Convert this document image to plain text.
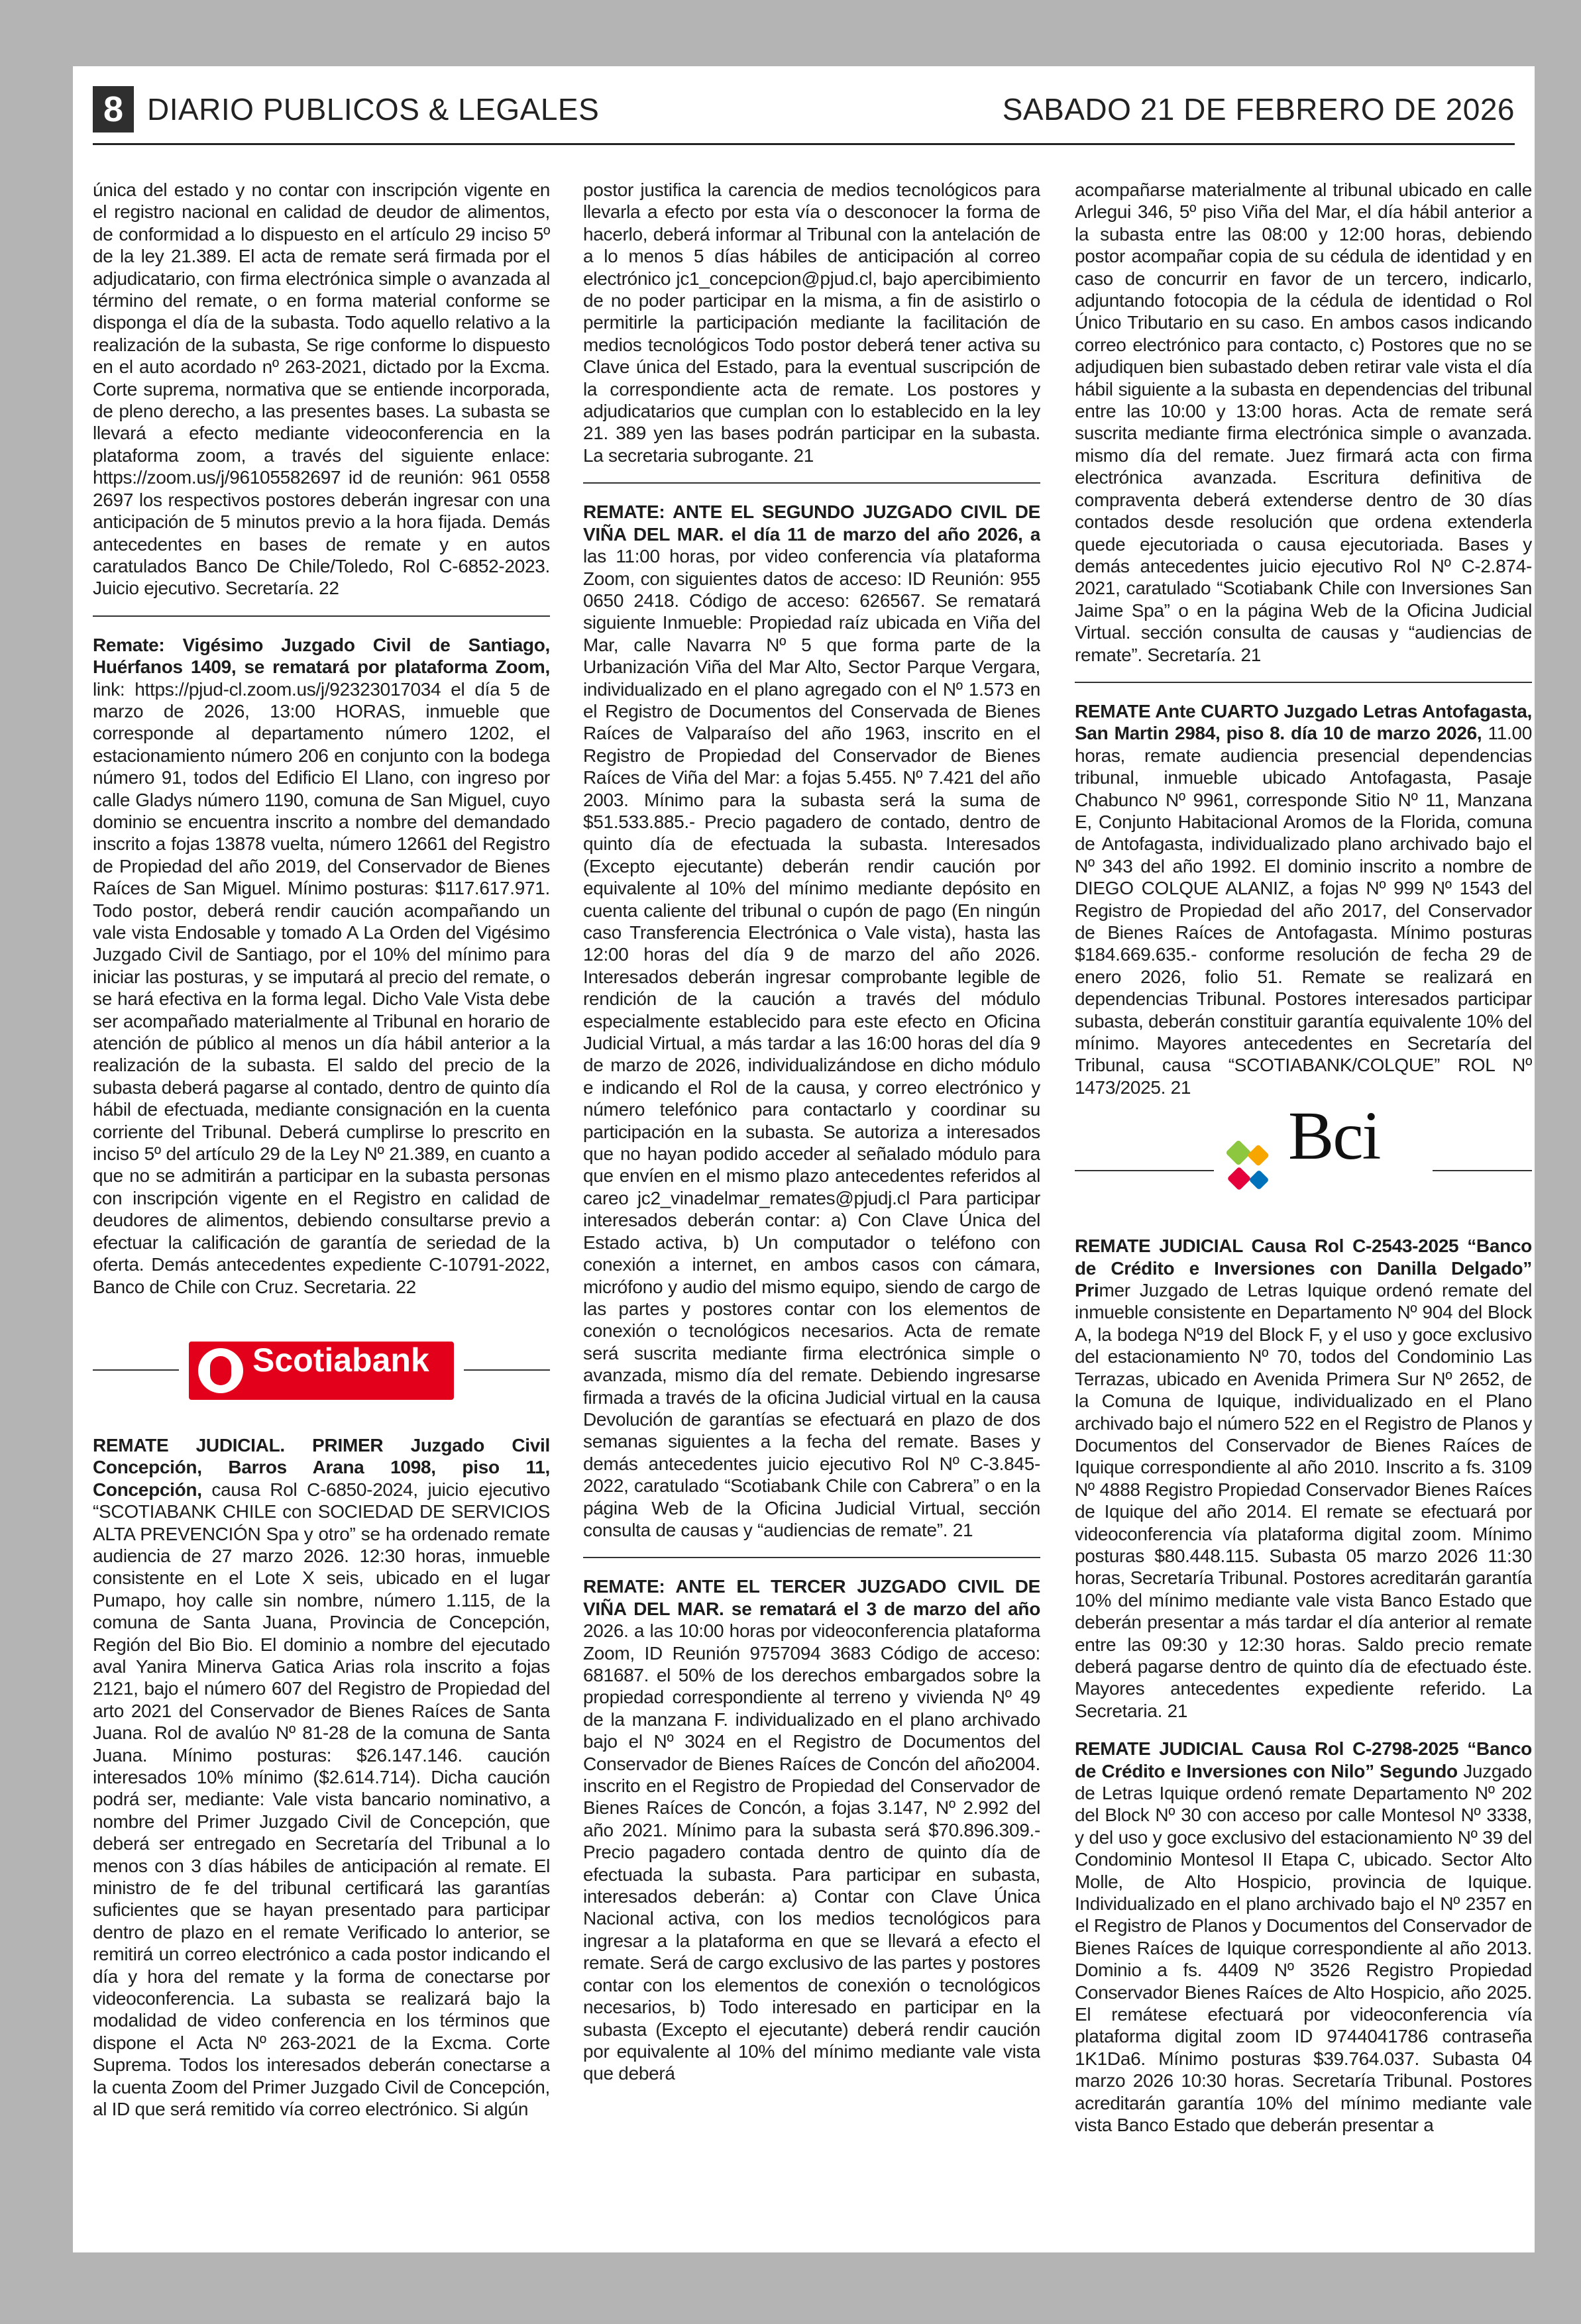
8 DIARIO PUBLICOS & LEGALES	SABADO 21 DE FEBRERO DE 2026

única del estado y no contar con inscripción vigente en el registro nacional en calidad de deudor de alimentos, de conformidad a lo dispuesto en el artículo 29 inciso 5º de la ley 21.389. El acta de remate será firmada por el adjudicatario, con firma electrónica simple o avanzada al término del remate, o en forma material conforme se disponga el día de la subasta. Todo aquello relativo a la realización de la subasta, Se rige conforme lo dispuesto en el auto acordado nº 263-2021, dictado por la Excma. Corte suprema, normativa que se entiende incorporada, de pleno derecho, a las presentes bases. La subasta se llevará a efecto mediante videoconferencia en la plataforma zoom, a través del siguiente enlace: https://zoom.us/j/96105582697 id de reunión: 961 0558 2697 los respectivos postores deberán ingresar con una anticipación de 5 minutos previo a la hora fijada. Demás antecedentes en bases de remate y en autos caratulados Banco De Chile/Toledo, Rol C-6852-2023. Juicio ejecutivo. Secretaría. 22

Remate: Vigésimo Juzgado Civil de Santiago, Huérfanos 1409, se rematará por plataforma Zoom, link: https://pjud-cl.zoom.us/j/92323017034 el día 5 de marzo de 2026, 13:00 HORAS, inmueble que corresponde al departamento número 1202, el estacionamiento número 206 en conjunto con la bodega número 91, todos del Edificio El Llano, con ingreso por calle Gladys número 1190, comuna de San Miguel, cuyo dominio se encuentra inscrito a nombre del demandado inscrito a fojas 13878 vuelta, número 12661 del Registro de Propiedad del año 2019, del Conservador de Bienes Raíces de San Miguel. Mínimo posturas: $117.617.971. Todo postor, deberá rendir caución acompañando un vale vista Endosable y tomado A La Orden del Vigésimo Juzgado Civil de Santiago, por el 10% del mínimo para iniciar las posturas, y se imputará al precio del remate, o se hará efectiva en la forma legal. Dicho Vale Vista debe ser acompañado materialmente al Tribunal en horario de atención de público al menos un día hábil anterior a la realización de la subasta. El saldo del precio de la subasta deberá pagarse al contado, dentro de quinto día hábil de efectuada, mediante consignación en la cuenta corriente del Tribunal. Deberá cumplirse lo prescrito en inciso 5º del artículo 29 de la Ley Nº 21.389, en cuanto a que no se admitirán a participar en la subasta personas con inscripción vigente en el Registro en calidad de deudores de alimentos, debiendo consultarse previo a efectuar la calificación de garantía de seriedad de la oferta. Demás antecedentes expediente C-10791-2022, Banco de Chile con Cruz. Secretaria. 22

Scotiabank

REMATE JUDICIAL. PRIMER Juzgado Civil Concepción, Barros Arana 1098, piso 11, Concepción, causa Rol C-6850-2024, juicio ejecutivo “SCOTIABANK CHILE con SOCIEDAD DE SERVICIOS ALTA PREVENCIÓN Spa y otro” se ha ordenado remate audiencia de 27 marzo 2026. 12:30 horas, inmueble consistente en el Lote X seis, ubicado en el lugar Pumapo, hoy calle sin nombre, número 1.115, de la comuna de Santa Juana, Provincia de Concepción, Región del Bio Bio. El dominio a nombre del ejecutado aval Yanira Minerva Gatica Arias rola inscrito a fojas 2121, bajo el número 607 del Registro de Propiedad del arto 2021 del Conservador de Bienes Raíces de Santa Juana. Rol de avalúo Nº 81-28 de la comuna de Santa Juana. Mínimo posturas: $26.147.146. caución interesados 10% mínimo ($2.614.714). Dicha caución podrá ser, mediante: Vale vista bancario nominativo, a nombre del Primer Juzgado Civil de Concepción, que deberá ser entregado en Secretaría del Tribunal a lo menos con 3 días hábiles de anticipación al remate. El ministro de fe del tribunal certificará las garantías suficientes que se hayan presentado para participar dentro de plazo en el remate Verificado lo anterior, se remitirá un correo electrónico a cada postor indicando el día y hora del remate y la forma de conectarse por videoconferencia. La subasta se realizará bajo la modalidad de video conferencia en los términos que dispone el Acta Nº 263-2021 de la Excma. Corte Suprema. Todos los interesados deberán conectarse a la cuenta Zoom del Primer Juzgado Civil de Concepción, al ID que será remitido vía correo electrónico. Si algún

postor justifica la carencia de medios tecnológicos para llevarla a efecto por esta vía o desconocer la forma de hacerlo, deberá informar al Tribunal con la antelación de a lo menos 5 días hábiles de anticipación al correo electrónico jc1_concepcion@pjud.cl, bajo apercibimiento de no poder participar en la misma, a fin de asistirlo o permitirle la participación mediante la facilitación de medios tecnológicos Todo postor deberá tener activa su Clave única del Estado, para la eventual suscripción de la correspondiente acta de remate. Los postores y adjudicatarios que cumplan con lo establecido en la ley 21. 389 yen las bases podrán participar en la subasta. La secretaria subrogante. 21

REMATE: ANTE EL SEGUNDO JUZGADO CIVIL DE VIÑA DEL MAR. el día 11 de marzo del año 2026, a las 11:00 horas, por video conferencia vía plataforma Zoom, con siguientes datos de acceso: ID Reunión: 955 0650 2418. Código de acceso: 626567. Se rematará siguiente Inmueble: Propiedad raíz ubicada en Viña del Mar, calle Navarra Nº 5 que forma parte de la Urbanización Viña del Mar Alto, Sector Parque Vergara, individualizado en el plano agregado con el Nº 1.573 en el Registro de Documentos del Conservada de Bienes Raíces de Valparaíso del año 1963, inscrito en el Registro de Propiedad del Conservador de Bienes Raíces de Viña del Mar: a fojas 5.455. Nº 7.421 del año 2003. Mínimo para la subasta será la suma de $51.533.885.- Precio pagadero de contado, dentro de quinto día de efectuada la subasta. Interesados (Excepto ejecutante) deberán rendir caución por equivalente al 10% del mínimo mediante depósito en cuenta caliente del tribunal o cupón de pago (En ningún caso Transferencia Electrónica o Vale vista), hasta las 12:00 horas del día 9 de marzo del año 2026. Interesados deberán ingresar comprobante legible de rendición de la caución a través del módulo especialmente establecido para este efecto en Oficina Judicial Virtual, a más tardar a las 16:00 horas del día 9 de marzo de 2026, individualizándose en dicho módulo e indicando el Rol de la causa, y correo electrónico y número telefónico para contactarlo y coordinar su participación en la subasta. Se autoriza a interesados que no hayan podido acceder al señalado módulo para que envíen en el mismo plazo antecedentes referidos al careo jc2_vinadelmar_remates@pjudj.cl Para participar interesados deberán contar: a) Con Clave Única del Estado activa, b) Un computador o teléfono con conexión a internet, en ambos casos con cámara, micrófono y audio del mismo equipo, siendo de cargo de las partes y postores contar con los elementos de conexión o tecnológicos necesarios. Acta de remate será suscrita mediante firma electrónica simple o avanzada, mismo día del remate. Debiendo ingresarse firmada a través de la oficina Judicial virtual en la causa Devolución de garantías se efectuará en plazo de dos semanas siguientes a la fecha del remate. Bases y demás antecedentes juicio ejecutivo Rol Nº C-3.845-2022, caratulado “Scotiabank Chile con Cabrera” o en la página Web de la Oficina Judicial Virtual, sección consulta de causas y “audiencias de remate”. 21

REMATE: ANTE EL TERCER JUZGADO CIVIL DE VIÑA DEL MAR. se rematará el 3 de marzo del año 2026. a las 10:00 horas por videoconferencia plataforma Zoom, ID Reunión 9757094 3683 Código de acceso: 681687. el 50% de los derechos embargados sobre la propiedad correspondiente al terreno y vivienda Nº 49 de la manzana F. individualizado en el plano archivado bajo el Nº 3024 en el Registro de Documentos del Conservador de Bienes Raíces de Concón del año2004. inscrito en el Registro de Propiedad del Conservador de Bienes Raíces de Concón, a fojas 3.147, Nº 2.992 del año 2021. Mínimo para la subasta será $70.896.309.- Precio pagadero contada dentro de quinto día de efectuada la subasta. Para participar en subasta, interesados deberán: a) Contar con Clave Única Nacional activa, con los medios tecnológicos para ingresar a la plataforma en que se llevará a efecto el remate. Será de cargo exclusivo de las partes y postores contar con los elementos de conexión o tecnológicos necesarios, b) Todo interesado en participar en la subasta (Excepto el ejecutante) deberá rendir caución por equivalente al 10% del mínimo mediante vale vista que deberá

acompañarse materialmente al tribunal ubicado en calle Arlegui 346, 5º piso Viña del Mar, el día hábil anterior a la subasta entre las 08:00 y 12:00 horas, debiendo postor acompañar copia de su cédula de identidad y en caso de concurrir en favor de un tercero, indicarlo, adjuntando fotocopia de la cédula de identidad o Rol Único Tributario en su caso. En ambos casos indicando correo electrónico para contacto, c) Postores que no se adjudiquen bien subastado deben retirar vale vista el día hábil siguiente a la subasta en dependencias del tribunal entre las 10:00 y 13:00 horas. Acta de remate será suscrita mediante firma electrónica simple o avanzada. mismo día del remate. Juez firmará acta con firma electrónica avanzada. Escritura definitiva de compraventa deberá extenderse dentro de 30 días contados desde resolución que ordena extenderla quede ejecutoriada o causa ejecutoriada. Bases y demás antecedentes juicio ejecutivo Rol Nº C-2.874-2021, caratulado “Scotiabank Chile con Inversiones San Jaime Spa” o en la página Web de la Oficina Judicial Virtual. sección consulta de causas y “audiencias de remate”. Secretaría. 21

REMATE Ante CUARTO Juzgado Letras Antofagasta, San Martin 2984, piso 8. día 10 de marzo 2026, 11.00 horas, remate audiencia presencial dependencias tribunal, inmueble ubicado Antofagasta, Pasaje Chabunco Nº 9961, corresponde Sitio Nº 11, Manzana E, Conjunto Habitacional Aromos de la Florida, comuna de Antofagasta, individualizado plano archivado bajo el Nº 343 del año 1992. El dominio inscrito a nombre de DIEGO COLQUE ALANIZ, a fojas Nº 999 Nº 1543 del Registro de Propiedad del año 2017, del Conservador de Bienes Raíces de Antofagasta. Mínimo posturas $184.669.635.- conforme resolución de fecha 29 de enero 2026, folio 51. Remate se realizará en dependencias Tribunal. Postores interesados participar subasta, deberán constituir garantía equivalente 10% del mínimo. Mayores antecedentes en Secretaría del Tribunal, causa “SCOTIABANK/COLQUE” ROL Nº 1473/2025. 21

Bci

REMATE JUDICIAL Causa Rol C-2543-2025 “Banco de Crédito e Inversiones con Danilla Delgado” Primer Juzgado de Letras Iquique ordenó remate del inmueble consistente en Departamento Nº 904 del Block A, la bodega Nº19 del Block F, y el uso y goce exclusivo del estacionamiento Nº 70, todos del Condominio Las Terrazas, ubicado en Avenida Primera Sur Nº 2652, de la Comuna de Iquique, individualizado en el Plano archivado bajo el número 522 en el Registro de Planos y Documentos del Conservador de Bienes Raíces de Iquique correspondiente al año 2010. Inscrito a fs. 3109 Nº 4888 Registro Propiedad Conservador Bienes Raíces de Iquique del año 2014. El remate se efectuará por videoconferencia vía plataforma digital zoom. Mínimo posturas $80.448.115. Subasta 05 marzo 2026 11:30 horas, Secretaría Tribunal. Postores acreditarán garantía 10% del mínimo mediante vale vista Banco Estado que deberán presentar a más tardar el día anterior al remate entre las 09:30 y 12:30 horas. Saldo precio remate deberá pagarse dentro de quinto día de efectuado éste. Mayores antecedentes expediente referido. La Secretaria. 21

REMATE JUDICIAL Causa Rol C-2798-2025 “Banco de Crédito e Inversiones con Nilo” Segundo Juzgado de Letras Iquique ordenó remate Departamento Nº 202 del Block Nº 30 con acceso por calle Montesol Nº 3338, y del uso y goce exclusivo del estacionamiento Nº 39 del Condominio Montesol II Etapa C, ubicado. Sector Alto Molle, de Alto Hospicio, provincia de Iquique. Individualizado en el plano archivado bajo el Nº 2357 en el Registro de Planos y Documentos del Conservador de Bienes Raíces de Iquique correspondiente al año 2013. Dominio a fs. 4409 Nº 3526 Registro Propiedad Conservador Bienes Raíces de Alto Hospicio, año 2025. El remátese efectuará por videoconferencia vía plataforma digital zoom ID 9744041786 contraseña 1K1Da6. Mínimo posturas $39.764.037. Subasta 04 marzo 2026 10:30 horas. Secretaría Tribunal. Postores acreditarán garantía 10% del mínimo mediante vale vista Banco Estado que deberán presentar a
